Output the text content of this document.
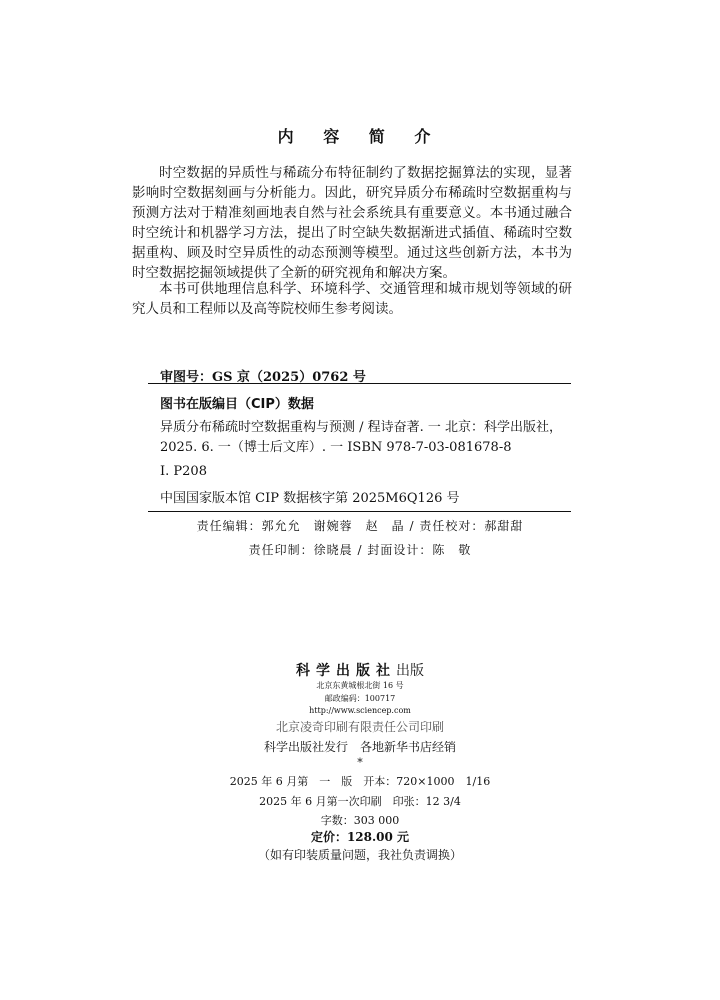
内 容 简 介

时空数据的异质性与稀疏分布特征制约了数据挖掘算法的实现，显著影响时空数据刻画与分析能力。因此，研究异质分布稀疏时空数据重构与预测方法对于精准刻画地表自然与社会系统具有重要意义。本书通过融合时空统计和机器学习方法，提出了时空缺失数据渐进式插值、稀疏时空数据重构、顾及时空异质性的动态预测等模型。通过这些创新方法，本书为时空数据挖掘领域提供了全新的研究视角和解决方案。

本书可供地理信息科学、环境科学、交通管理和城市规划等领域的研究人员和工程师以及高等院校师生参考阅读。

审图号：GS 京（2025）0762 号
图书在版编目（CIP）数据

异质分布稀疏时空数据重构与预测 / 程诗奋著. 一 北京：科学出版社，2025. 6. 一（博士后文库）. 一 ISBN 978-7-03-081678-8

Ⅰ. P208
中国国家版本馆 CIP 数据核字第 2025M6Q126 号
责任编辑：郭允允　谢婉蓉　赵　晶 / 责任校对：郝甜甜
责任印制：徐晓晨 / 封面设计：陈　敬
科学出版社出版
北京东黄城根北街 16 号
邮政编码：100717
http://www.sciencep.com
北京凌奇印刷有限责任公司印刷
科学出版社发行　各地新华书店经销
*
2025 年 6 月第　一　版　开本：720×1000　1/16
2025 年 6 月第一次印刷　印张：12 3/4
字数：303 000
定价：128.00 元
（如有印装质量问题，我社负责调换）
